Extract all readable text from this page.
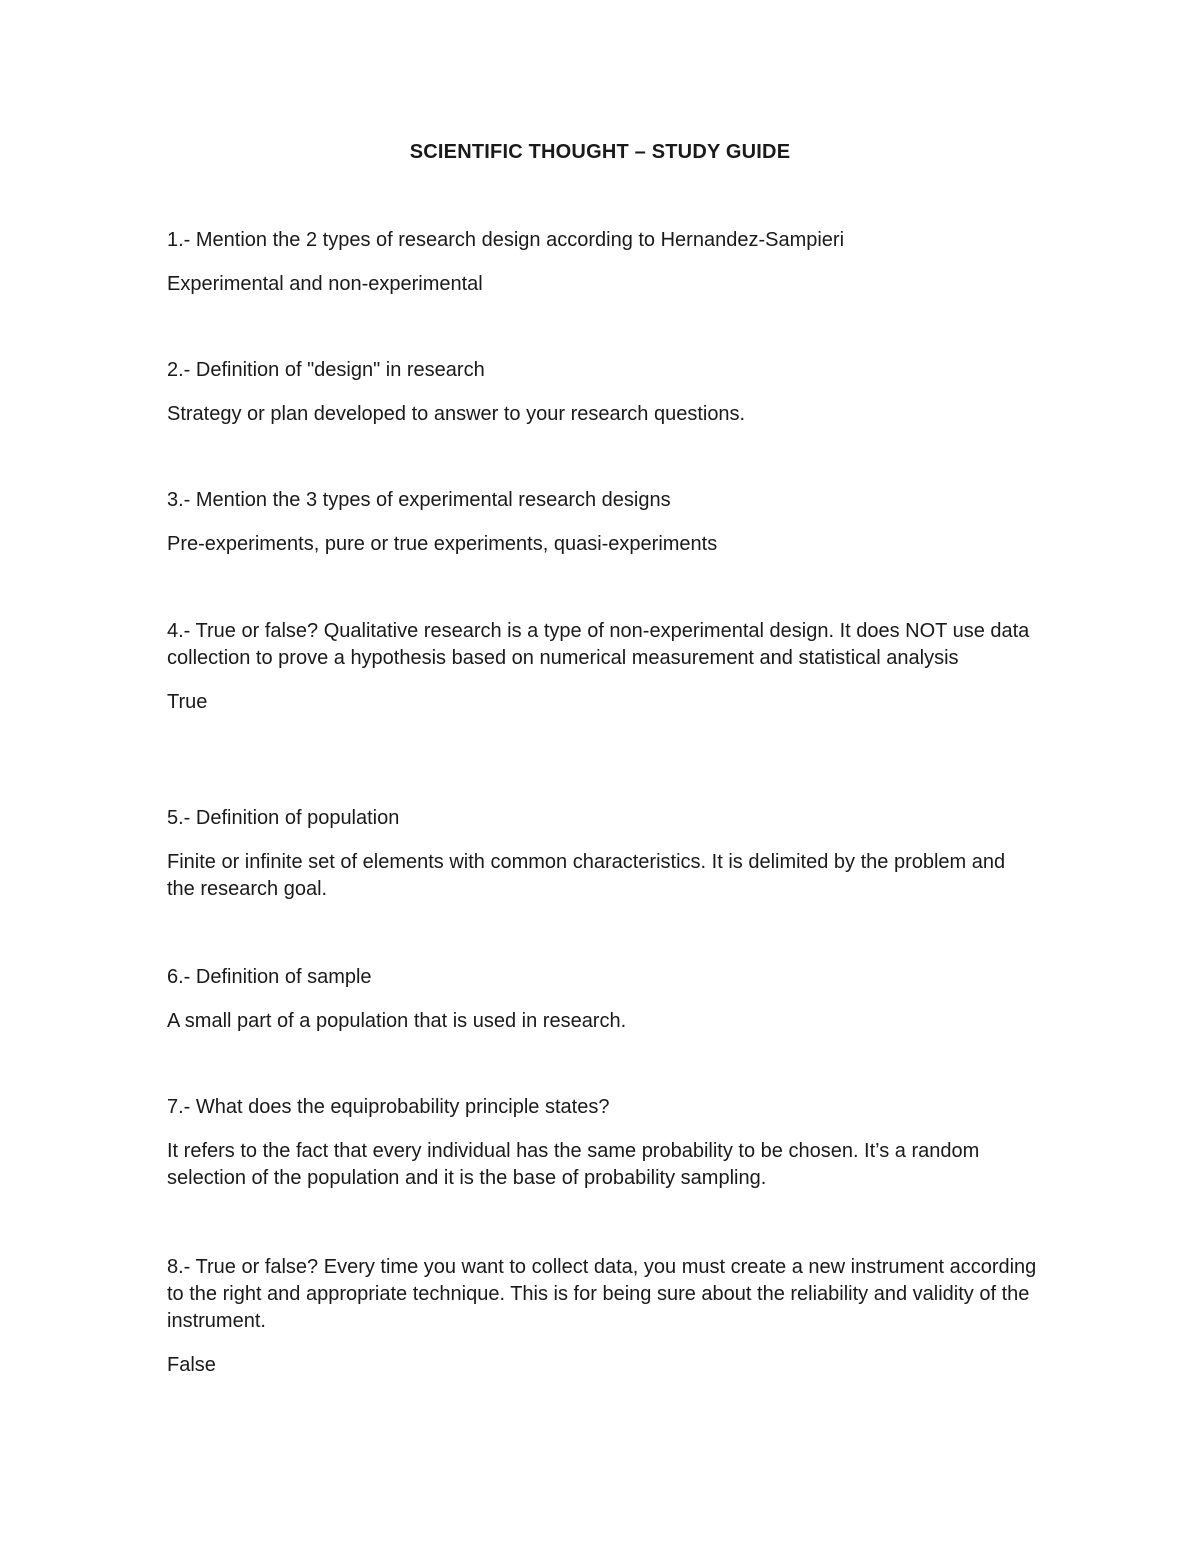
SCIENTIFIC THOUGHT – STUDY GUIDE

1.- Mention the 2 types of research design according to Hernandez-Sampieri

Experimental and non-experimental

2.- Definition of "design" in research

Strategy or plan developed to answer to your research questions.

3.- Mention the 3 types of experimental research designs

Pre-experiments, pure or true experiments, quasi-experiments

4.- True or false? Qualitative research is a type of non-experimental design. It does NOT use data collection to prove a hypothesis based on numerical measurement and statistical analysis

True

5.- Definition of population

Finite or infinite set of elements with common characteristics. It is delimited by the problem and the research goal.

6.- Definition of sample

A small part of a population that is used in research.

7.- What does the equiprobability principle states?

It refers to the fact that every individual has the same probability to be chosen. It’s a random selection of the population and it is the base of probability sampling.

8.- True or false? Every time you want to collect data, you must create a new instrument according to the right and appropriate technique. This is for being sure about the reliability and validity of the instrument.

False
